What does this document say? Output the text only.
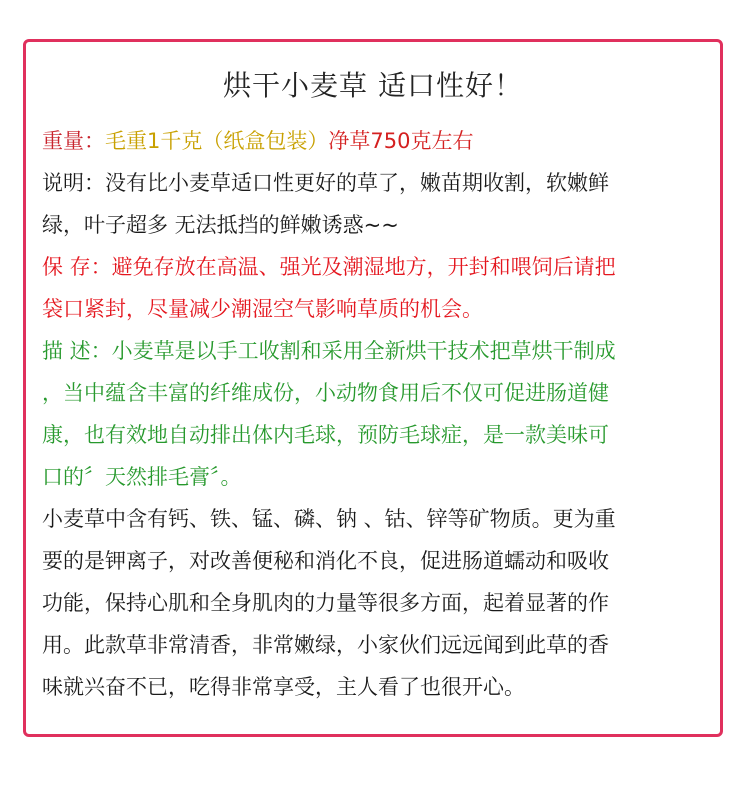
烘干小麦草 适口性好！
重量：毛重1千克（纸盒包装）净草750克左右
说明：没有比小麦草适口性更好的草了，嫩苗期收割，软嫩鲜
绿，叶子超多 无法抵挡的鲜嫩诱惑~~
保 存：避免存放在高温、强光及潮湿地方，开封和喂饲后请把
袋口紧封，尽量减少潮湿空气影响草质的机会。
描 述：小麦草是以手工收割和采用全新烘干技术把草烘干制成
，当中蕴含丰富的纤维成份，小动物食用后不仅可促进肠道健
康，也有效地自动排出体内毛球，预防毛球症，是一款美味可
口的〞天然排毛膏〞。
小麦草中含有钙、铁、锰、磷、钠 、钴、锌等矿物质。更为重
要的是钾离子，对改善便秘和消化不良，促进肠道蠕动和吸收
功能，保持心肌和全身肌肉的力量等很多方面，起着显著的作
用。此款草非常清香，非常嫩绿，小家伙们远远闻到此草的香
味就兴奋不已，吃得非常享受，主人看了也很开心。
